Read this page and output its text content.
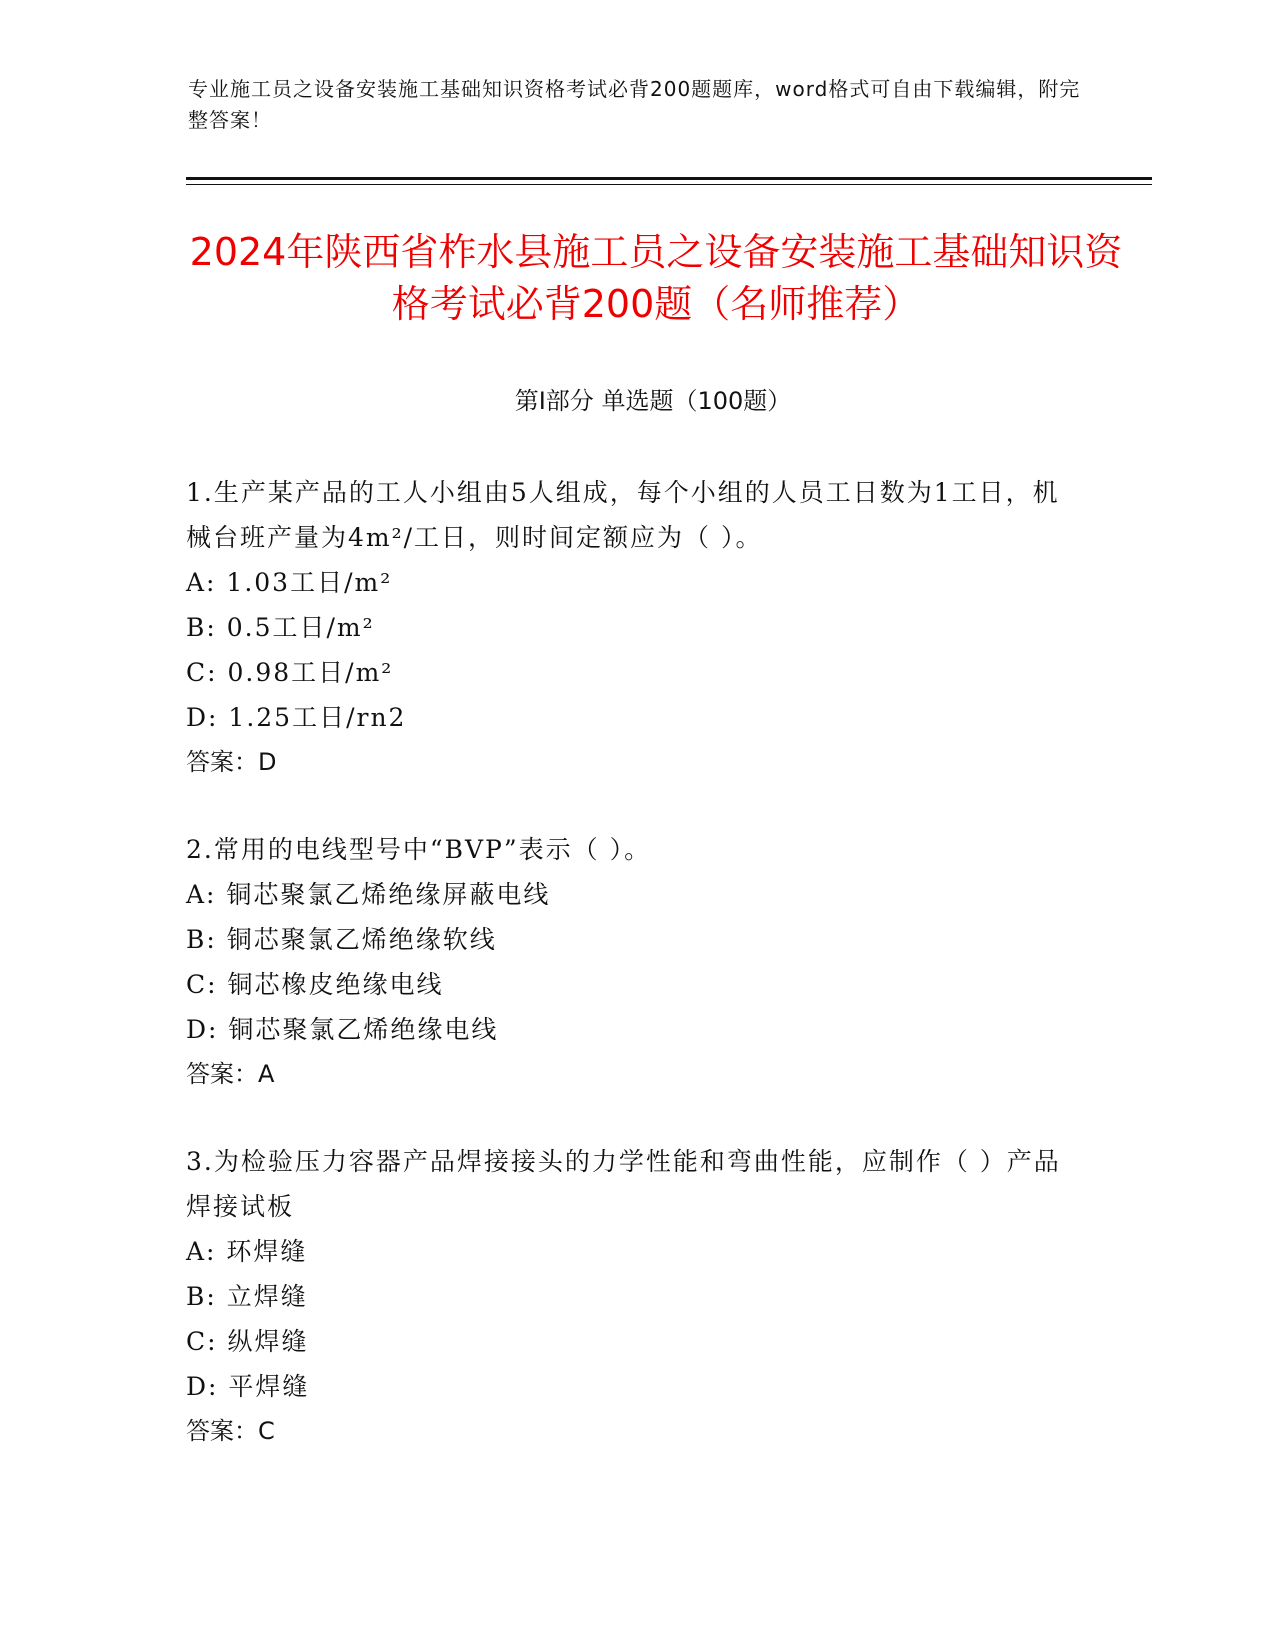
专业施工员之设备安装施工基础知识资格考试必背200题题库，word格式可自由下载编辑，附完整答案！
2024年陕西省柞水县施工员之设备安装施工基础知识资格考试必背200题（名师推荐）
第Ⅰ部分 单选题（100题）
1.生产某产品的工人小组由5人组成，每个小组的人员工日数为1工日，机械台班产量为4m²/工日，则时间定额应为（ ）。
A: 1.03工日/m²
B: 0.5工日/m²
C: 0.98工日/m²
D: 1.25工日/rn2
答案：D
2.常用的电线型号中“BVP”表示（ ）。
A: 铜芯聚氯乙烯绝缘屏蔽电线
B: 铜芯聚氯乙烯绝缘软线
C: 铜芯橡皮绝缘电线
D: 铜芯聚氯乙烯绝缘电线
答案：A
3.为检验压力容器产品焊接接头的力学性能和弯曲性能，应制作（ ）产品焊接试板
A: 环焊缝
B: 立焊缝
C: 纵焊缝
D: 平焊缝
答案：C
